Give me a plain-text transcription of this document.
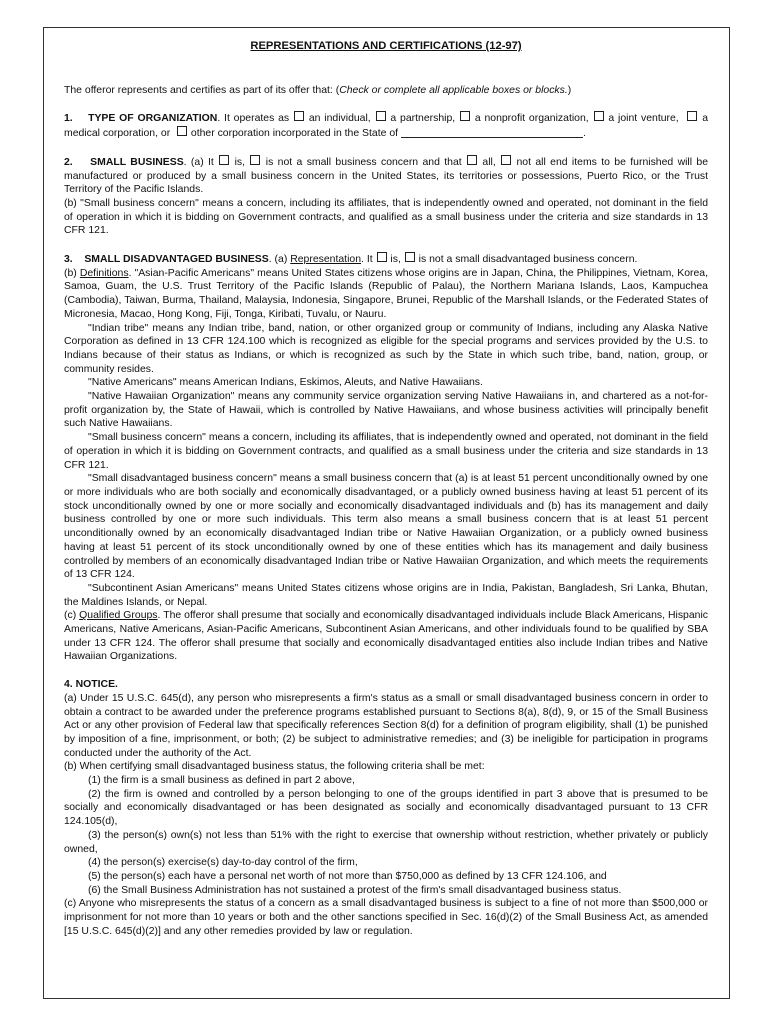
REPRESENTATIONS AND CERTIFICATIONS (12-97)

The offeror represents and certifies as part of its offer that: (Check or complete all applicable boxes or blocks.)

1. TYPE OF ORGANIZATION. It operates as  an individual,  a partnership,  a nonprofit organization,  a joint venture,   a medical corporation, or   other corporation incorporated in the State of	.

2. SMALL BUSINESS. (a) It  is,  is not a small business concern and that  all,  not all end items to be furnished will be manufactured or produced by a small business concern in the United States, its territories or possessions, Puerto Rico, or the Trust Territory of the Pacific Islands.

(b) "Small business concern" means a concern, including its affiliates, that is independently owned and operated, not dominant in the field of operation in which it is bidding on Government contracts, and qualified as a small business under the criteria and size standards in 13 CFR 121.

3. SMALL DISADVANTAGED BUSINESS. (a) Representation. It  is,  is not a small disadvantaged business concern.

(b) Definitions. "Asian-Pacific Americans" means United States citizens whose origins are in Japan, China, the Philippines, Vietnam, Korea, Samoa, Guam, the U.S. Trust Territory of the Pacific Islands (Republic of Palau), the Northern Mariana Islands, Laos, Kampuchea (Cambodia), Taiwan, Burma, Thailand, Malaysia, Indonesia, Singapore, Brunei, Republic of the Marshall Islands, or the Federated States of Micronesia, Macao, Hong Kong, Fiji, Tonga, Kiribati, Tuvalu, or Nauru.

"Indian tribe" means any Indian tribe, band, nation, or other organized group or community of Indians, including any Alaska Native Corporation as defined in 13 CFR 124.100 which is recognized as eligible for the special programs and services provided by the U.S. to Indians because of their status as Indians, or which is recognized as such by the State in which such tribe, band, nation, group, or community resides.

"Native Americans" means American Indians, Eskimos, Aleuts, and Native Hawaiians.

"Native Hawaiian Organization" means any community service organization serving Native Hawaiians in, and chartered as a not-for-profit organization by, the State of Hawaii, which is controlled by Native Hawaiians, and whose business activities will principally benefit such Native Hawaiians.

"Small business concern" means a concern, including its affiliates, that is independently owned and operated, not dominant in the field of operation in which it is bidding on Government contracts, and qualified as a small business under the criteria and size standards in 13 CFR 121.

"Small disadvantaged business concern" means a small business concern that (a) is at least 51 percent unconditionally owned by one or more individuals who are both socially and economically disadvantaged, or a publicly owned business having at least 51 percent of its stock unconditionally owned by one or more socially and economically disadvantaged individuals and (b) has its management and daily business controlled by one or more such individuals. This term also means a small business concern that is at least 51 percent unconditionally owned by an economically disadvantaged Indian tribe or Native Hawaiian Organization, or a publicly owned business having at least 51 percent of its stock unconditionally owned by one of these entities which has its management and daily business controlled by members of an economically disadvantaged Indian tribe or Native Hawaiian Organization, and which meets the requirements of 13 CFR 124.

"Subcontinent Asian Americans" means United States citizens whose origins are in India, Pakistan, Bangladesh, Sri Lanka, Bhutan, the Maldines Islands, or Nepal.

(c) Qualified Groups. The offeror shall presume that socially and economically disadvantaged individuals include Black Americans, Hispanic Americans, Native Americans, Asian-Pacific Americans, Subcontinent Asian Americans, and other individuals found to be qualified by SBA under 13 CFR 124. The offeror shall presume that socially and economically disadvantaged entities also include Indian tribes and Native Hawaiian Organizations.

4. NOTICE.

(a) Under 15 U.S.C. 645(d), any person who misrepresents a firm's status as a small or small disadvantaged business concern in order to obtain a contract to be awarded under the preference programs established pursuant to Sections 8(a), 8(d), 9, or 15 of the Small Business Act or any other provision of Federal law that specifically references Section 8(d) for a definition of program eligibility, shall (1) be punished by imposition of a fine, imprisonment, or both; (2) be subject to administrative remedies; and (3) be ineligible for participation in programs conducted under the authority of the Act.

(b) When certifying small disadvantaged business status, the following criteria shall be met:

(1) the firm is a small business as defined in part 2 above,

(2) the firm is owned and controlled by a person belonging to one of the groups identified in part 3 above that is presumed to be socially and economically disadvantaged or has been designated as socially and economically disadvantaged pursuant to 13 CFR 124.105(d),

(3) the person(s) own(s) not less than 51% with the right to exercise that ownership without restriction, whether privately or publicly owned,

(4) the person(s) exercise(s) day-to-day control of the firm,

(5) the person(s) each have a personal net worth of not more than $750,000 as defined by 13 CFR 124.106, and

(6) the Small Business Administration has not sustained a protest of the firm's small disadvantaged business status.

(c) Anyone who misrepresents the status of a concern as a small disadvantaged business is subject to a fine of not more than $500,000 or imprisonment for not more than 10 years or both and the other sanctions specified in Sec. 16(d)(2) of the Small Business Act, as amended [15 U.S.C. 645(d)(2)] and any other remedies provided by law or regulation.
